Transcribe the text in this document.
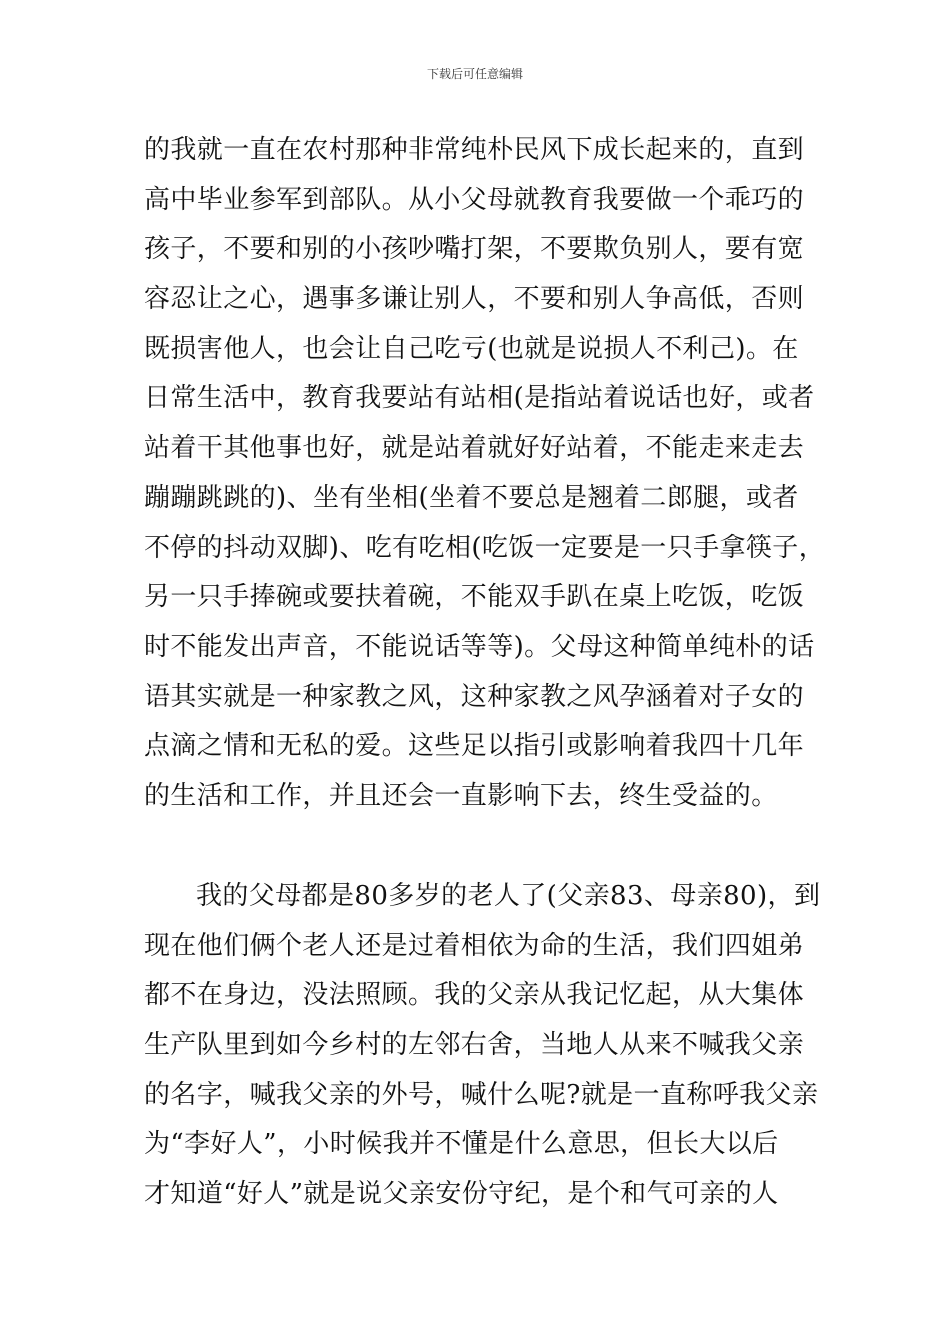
下载后可任意编辑
的我就一直在农村那种非常纯朴民风下成长起来的，直到
高中毕业参军到部队。从小父母就教育我要做一个乖巧的
孩子，不要和别的小孩吵嘴打架，不要欺负别人，要有宽
容忍让之心，遇事多谦让别人，不要和别人争高低，否则
既损害他人，也会让自己吃亏(也就是说损人不利己)。在
日常生活中，教育我要站有站相(是指站着说话也好，或者
站着干其他事也好，就是站着就好好站着，不能走来走去
蹦蹦跳跳的)、坐有坐相(坐着不要总是翘着二郎腿，或者
不停的抖动双脚)、吃有吃相(吃饭一定要是一只手拿筷子，
另一只手捧碗或要扶着碗，不能双手趴在桌上吃饭，吃饭
时不能发出声音，不能说话等等)。父母这种简单纯朴的话
语其实就是一种家教之风，这种家教之风孕涵着对子女的
点滴之情和无私的爱。这些足以指引或影响着我四十几年
的生活和工作，并且还会一直影响下去，终生受益的。
我的父母都是80多岁的老人了(父亲83、母亲80)，到
现在他们俩个老人还是过着相依为命的生活，我们四姐弟
都不在身边，没法照顾。我的父亲从我记忆起，从大集体
生产队里到如今乡村的左邻右舍，当地人从来不喊我父亲
的名字，喊我父亲的外号，喊什么呢?就是一直称呼我父亲
为“李好人”，小时候我并不懂是什么意思，但长大以后
才知道“好人”就是说父亲安份守纪，是个和气可亲的人
